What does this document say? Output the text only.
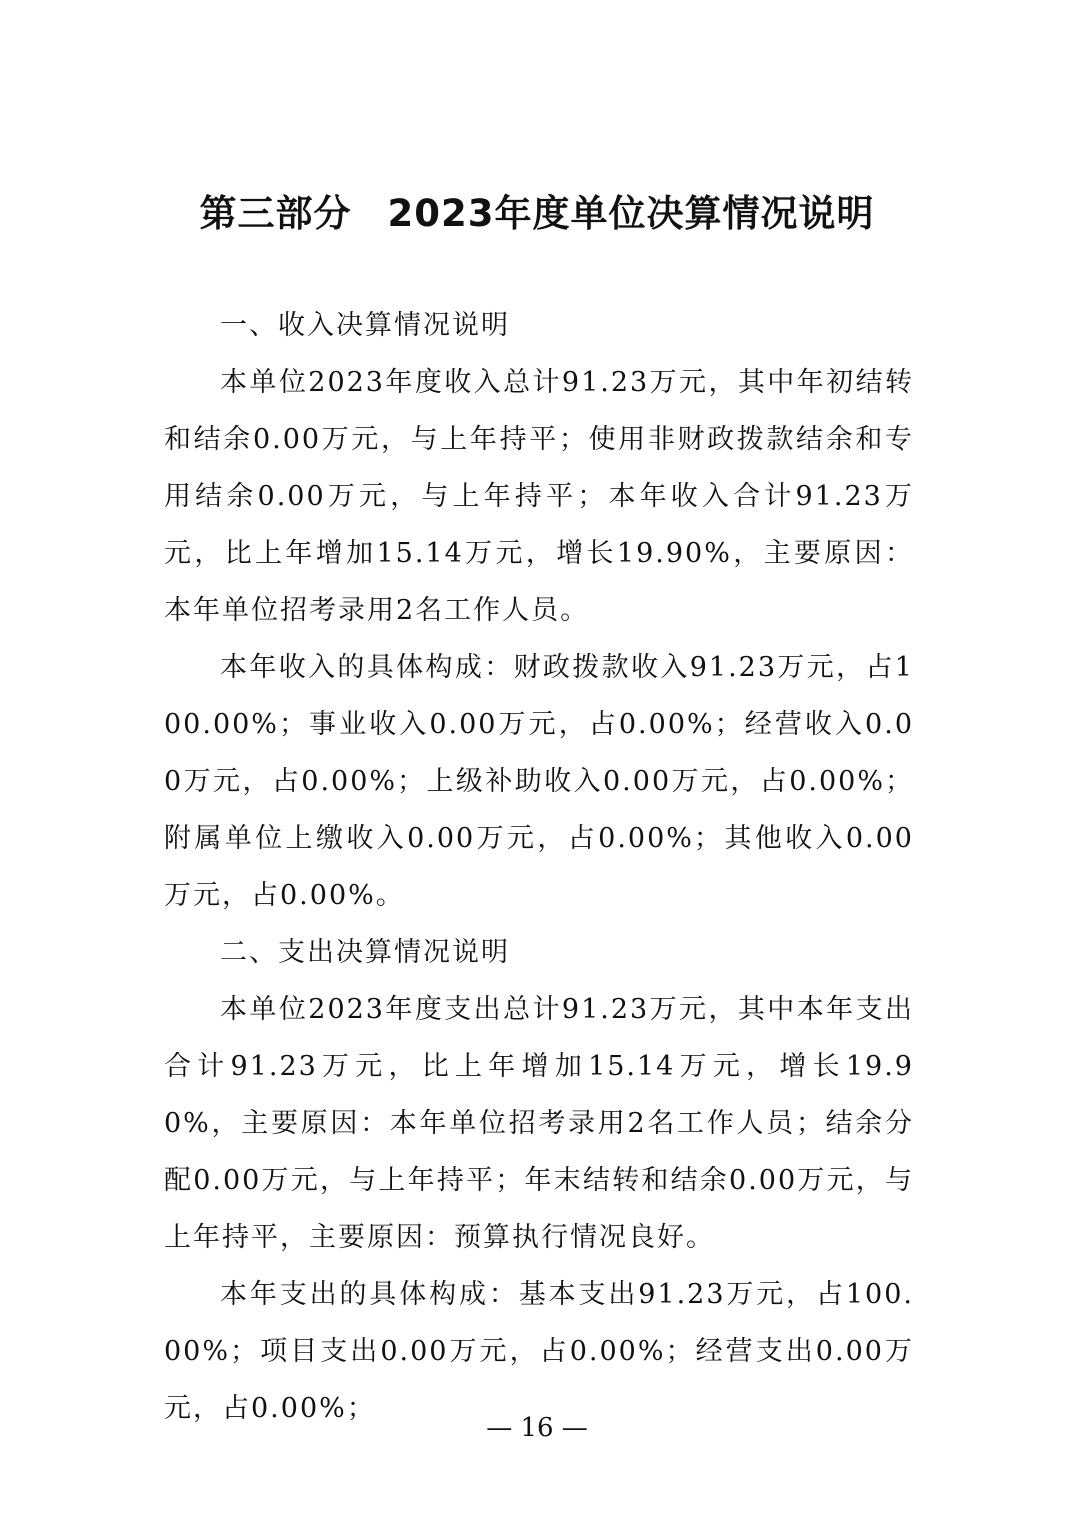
第三部分 2023年度单位决算情况说明

一、收入决算情况说明

本单位2023年度收入总计91.23万元，其中年初结转和结余0.00万元，与上年持平；使用非财政拨款结余和专用结余0.00万元，与上年持平；本年收入合计91.23万元，比上年增加15.14万元，增长19.90%，主要原因：本年单位招考录用2名工作人员。

本年收入的具体构成：财政拨款收入91.23万元，占100.00%；事业收入0.00万元，占0.00%；经营收入0.00万元，占0.00%；上级补助收入0.00万元，占0.00%；附属单位上缴收入0.00万元，占0.00%；其他收入0.00万元，占0.00%。

二、支出决算情况说明

本单位2023年度支出总计91.23万元，其中本年支出合计91.23万元，比上年增加15.14万元，增长19.90%，主要原因：本年单位招考录用2名工作人员；结余分配0.00万元，与上年持平；年末结转和结余0.00万元，与上年持平，主要原因：预算执行情况良好。

本年支出的具体构成：基本支出91.23万元，占100.00%；项目支出0.00万元，占0.00%；经营支出0.00万元，占0.00%；

— 16 —
